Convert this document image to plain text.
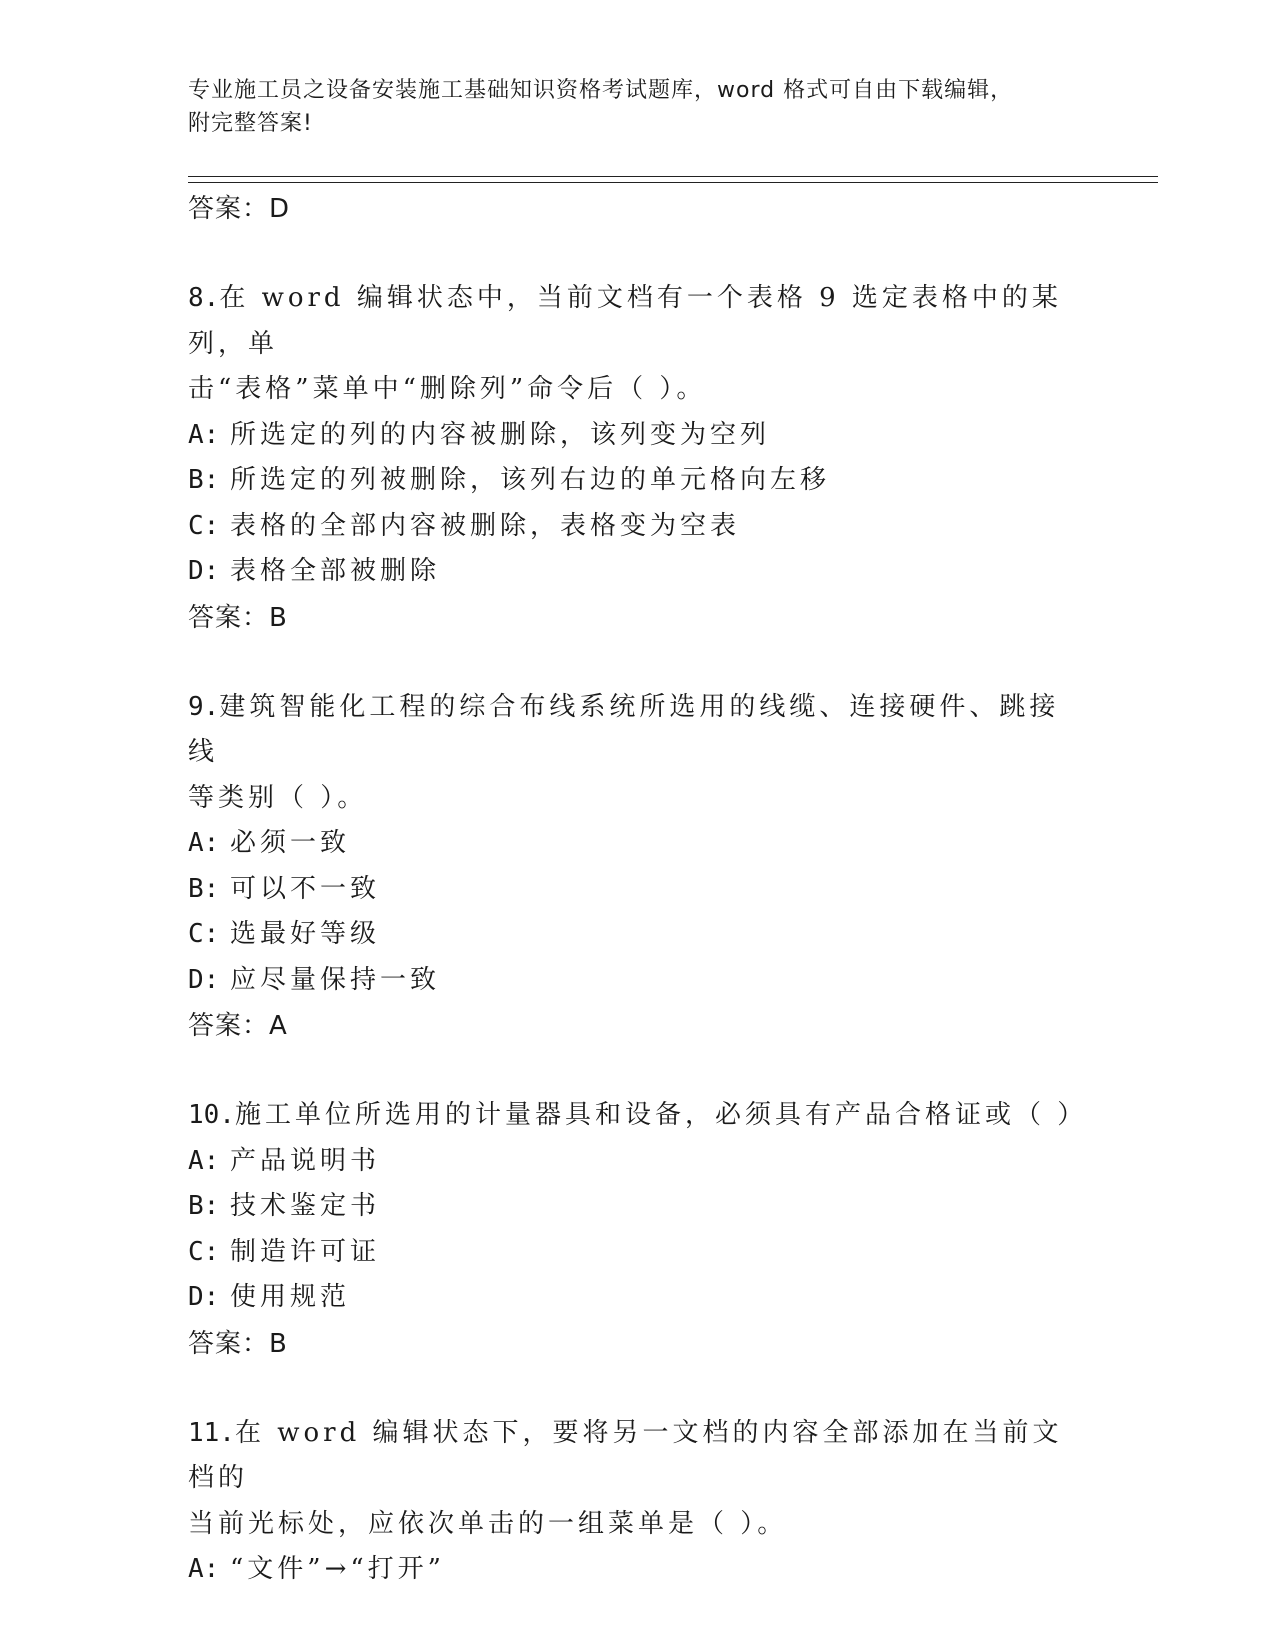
专业施工员之设备安装施工基础知识资格考试题库，word 格式可自由下载编辑，
附完整答案!
答案：D
8.在 word 编辑状态中，当前文档有一个表格 9 选定表格中的某列，单
击“表格”菜单中“删除列”命令后（ ）。
A: 所选定的列的内容被删除，该列变为空列
B: 所选定的列被删除，该列右边的单元格向左移
C: 表格的全部内容被删除，表格变为空表
D: 表格全部被删除
答案：B
9.建筑智能化工程的综合布线系统所选用的线缆、连接硬件、跳接线
等类别（ ）。
A: 必须一致
B: 可以不一致
C: 选最好等级
D: 应尽量保持一致
答案：A
10.施工单位所选用的计量器具和设备，必须具有产品合格证或（ ）
A: 产品说明书
B: 技术鉴定书
C: 制造许可证
D: 使用规范
答案：B
11.在 word 编辑状态下，要将另一文档的内容全部添加在当前文档的
当前光标处，应依次单击的一组菜单是（ ）。
A: “文件”→“打开”
